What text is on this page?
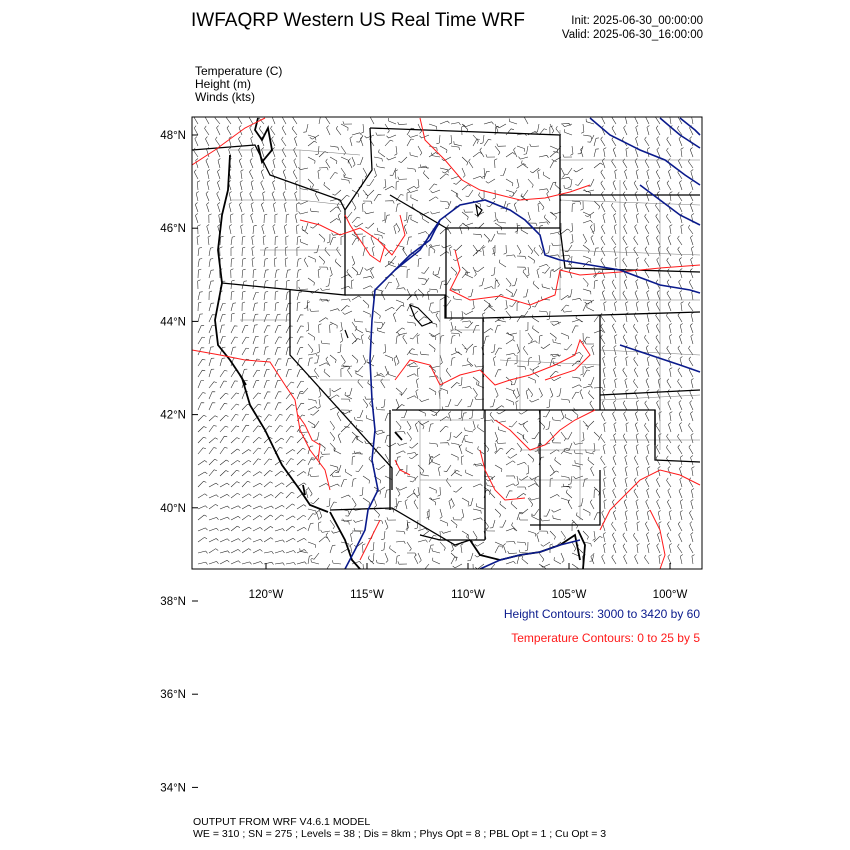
IWFAQRP Western US Real Time WRF	Init: 2025-06-30_00:00:00
Valid: 2025-06-30_16:00:00
Temperature (C)
Height (m)
Winds (kts)
48°N
46°N
44°N
42°N
40°N
38°N
36°N
34°N
120°W	115°W	110°W	105°W	100°W
Height Contours: 3000 to 3420 by 60
Temperature Contours: 0 to 25 by 5
OUTPUT FROM WRF V4.6.1 MODEL
WE = 310 ; SN = 275 ; Levels = 38 ; Dis = 8km ; Phys Opt = 8 ; PBL Opt = 1 ; Cu Opt = 3
